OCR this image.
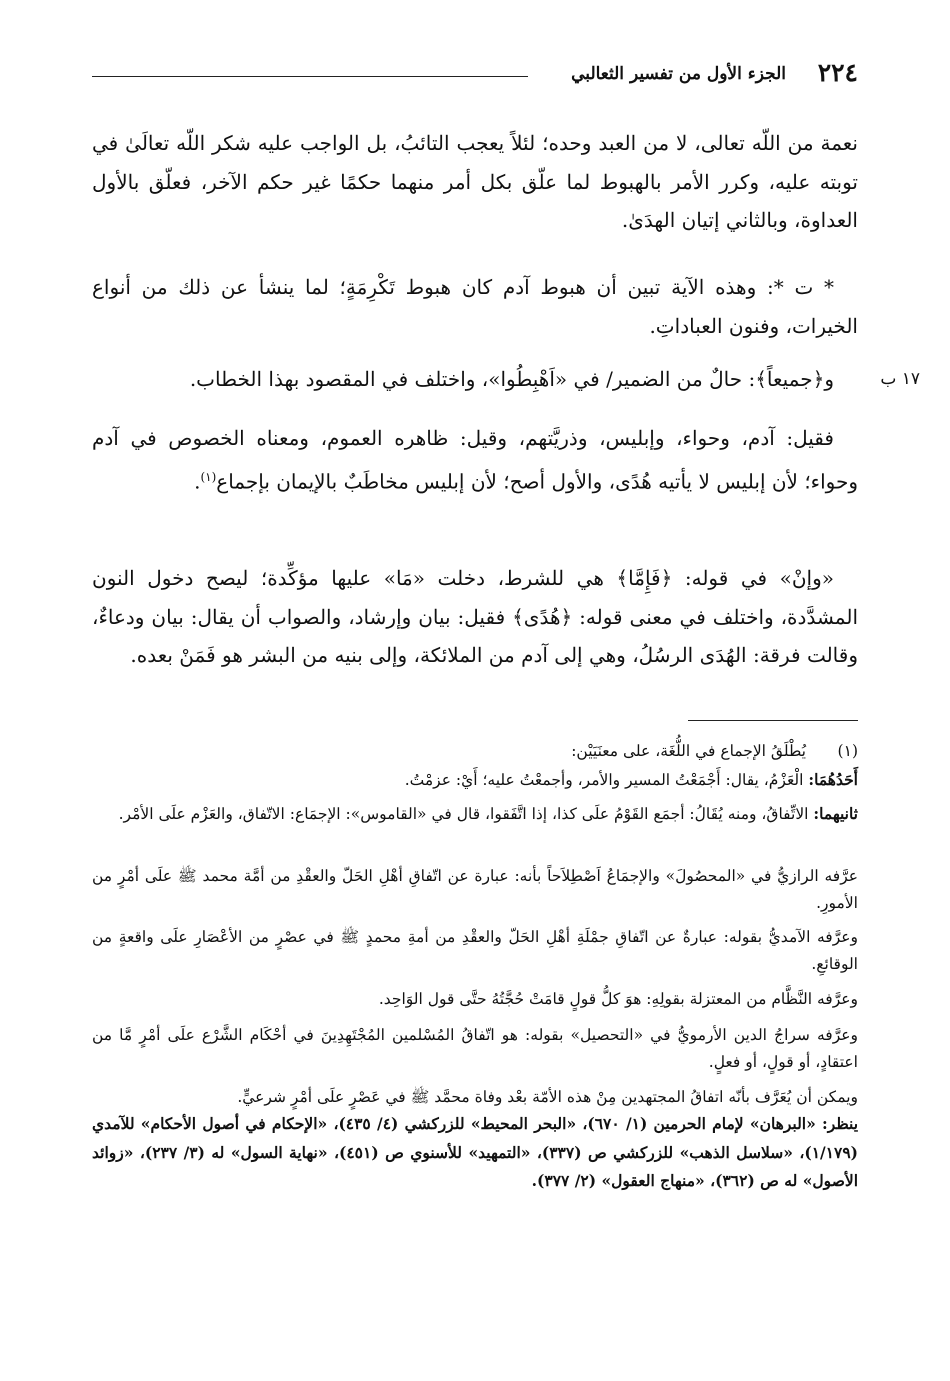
٢٢٤
الجزء الأول من تفسير الثعالبي
١٧ ب

نعمة من اللّه تعالى، لا من العبد وحده؛ لئلاً يعجب التائبُ، بل الواجب عليه شكر اللّه تعالَىٰ في توبته عليه، وكرر الأمر بالهبوط لما علّق بكل أمر منهما حكمًا غير حكم الآخر، فعلّق بالأول العداوة، وبالثاني إتيان الهدَىٰ.

* ت *: وهذه الآية تبين أن هبوط آدم كان هبوط تَكْرِمَةٍ؛ لما ينشأ عن ذلك من أنواع الخيرات، وفنون العباداتِ.

و﴿جميعاً﴾: حالٌ من الضمير/ في «اَهْبِطُوا»، واختلف في المقصود بهذا الخطاب.

فقيل: آدم، وحواء، وإبليس، وذريَّتهم، وقيل: ظاهره العموم، ومعناه الخصوص في آدم وحواء؛ لأن إبليس لا يأتيه هُدًى، والأول أصح؛ لأن إبليس مخاطَبٌ بالإيمان بإجماع$^{(١)}$.

«وإنْ» في قوله: ﴿فَإِمَّا﴾ هي للشرط، دخلت «مَا» عليها مؤكِّدة؛ ليصح دخول النون المشدَّدة، واختلف في معنى قوله: ﴿هُدًى﴾ فقيل: بيان وإرشاد، والصواب أن يقال: بيان ودعاءٌ، وقالت فرقة: الهُدَى الرسُلُ، وهي إلى آدم من الملائكة، وإلى بنيه من البشر هو فَمَنْ بعده.

(١)

يُطْلَقُ الإجماع في اللُّغَة، على معنَيَيْن:

أَحَدُهُمَا: الْعَزْمُ، يقال: أَجْمَعْتُ المسير والأمر، وأجمعْتُ عليه؛ أَيْ: عزمْتُ.

ثانيهما: الاتِّفاقُ، ومنه يُقَالُ: أجمَع القَوْمُ علَى كذا، إذا اتَّفَقوا، قال في «القاموس»: الإجمَاع: الاتّفاق، والعَزْم علَى الأمْر.

عرَّفه الرازيُّ في «المحصُولَ» والإجمَاعُ اَصْطِلاَحاً بأنه: عبارة عن اتّفاقِ أهْلِ الحَلّ والعقْدِ من أمَّة محمد ﷺ علَى أمْرٍ من الأمورِ.

وعرَّفه الآمديُّ بقوله: عبارةٌ عن اتّفاقِ جمْلَةِ أهْلِ الحَلّ والعقْدِ من أمةِ محمدٍ ﷺ في عصْرٍ من الأعْصَارِ علَى واقعةٍ من الوقائعِ.

وعرَّفه النَّظَّام من المعتزلة بقولِهِ: هوَ كلُّ قولٍ قامَتْ حُجَّتُهُ حتَّى قول الوَاحِد.

وعرَّفه سراجُ الدين الأرمويُّ في «التحصيل» بقوله: هو اتّفاقُ المُسْلمين المُجْتَهِدِينَ في أحْكَام الشَّرْع علَى أمْرٍ مَّا من اعتقادٍ، أو قولٍ، أو فعلٍ.

ويمكن أن يُعَرَّف بأنّه اتفاقُ المجتهدين مِنْ هذه الأمّة بعْد وفاة محمَّد ﷺ في عَصْرٍ علَى أمْرٍ شرعيٍّ.

ينظر: «البرهان» لإمام الحرمين (١/ ٦٧٠)، «البحر المحيط» للزركشي (٤/ ٤٣٥)، «الإحكام في أصول الأحكام» للآمدي (١/١٧٩)، «سلاسل الذهب» للزركشي ص (٣٣٧)، «التمهيد» للأسنوي ص (٤٥١)، «نهاية السول» له (٣/ ٢٣٧)، «زوائد الأصول» له ص (٣٦٢)، «منهاج العقول» (٢/ ٣٧٧).
